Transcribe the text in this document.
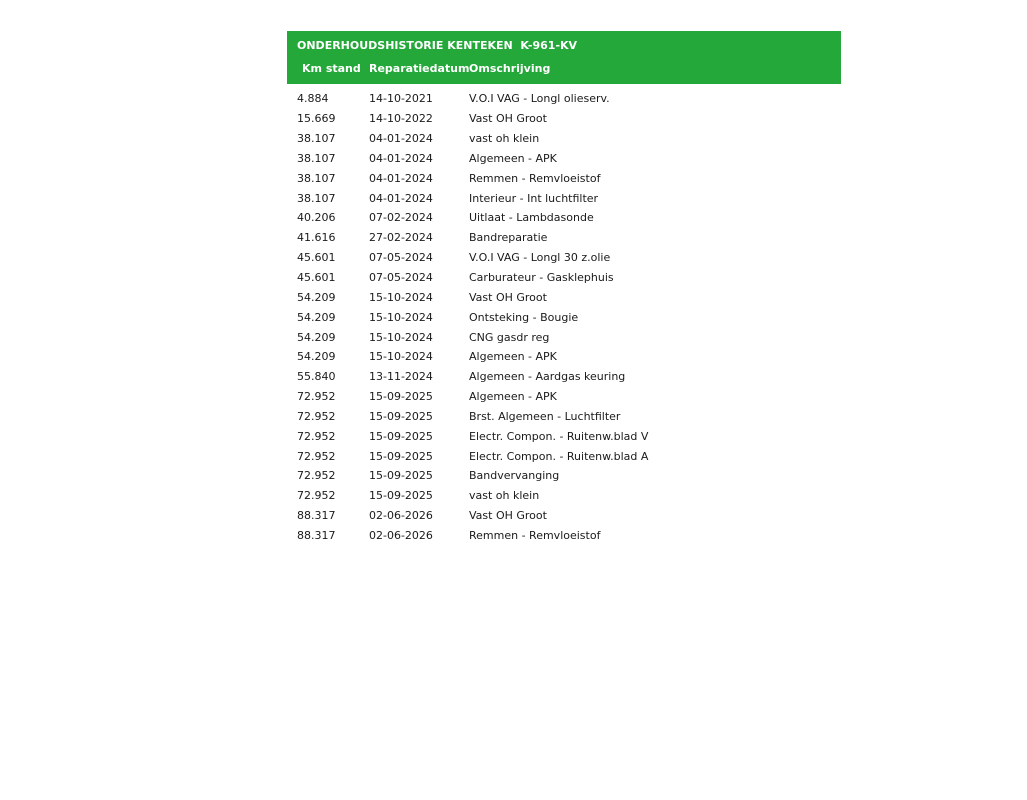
ONDERHOUDSHISTORIE KENTEKEN  K-961-KV
Km stand Reparatiedatum Omschrijving
4.884	14-10-2021	V.O.I VAG - Longl olieserv.
15.669	14-10-2022	Vast OH Groot
38.107	04-01-2024	vast oh klein
38.107	04-01-2024	Algemeen - APK
38.107	04-01-2024	Remmen - Remvloeistof
38.107	04-01-2024	Interieur - Int luchtfilter
40.206	07-02-2024	Uitlaat - Lambdasonde
41.616	27-02-2024	Bandreparatie
45.601	07-05-2024	V.O.I VAG - Longl 30 z.olie
45.601	07-05-2024	Carburateur - Gasklephuis
54.209	15-10-2024	Vast OH Groot
54.209	15-10-2024	Ontsteking - Bougie
54.209	15-10-2024	CNG gasdr reg
54.209	15-10-2024	Algemeen - APK
55.840	13-11-2024	Algemeen - Aardgas keuring
72.952	15-09-2025	Algemeen - APK
72.952	15-09-2025	Brst. Algemeen - Luchtfilter
72.952	15-09-2025	Electr. Compon. - Ruitenw.blad V
72.952	15-09-2025	Electr. Compon. - Ruitenw.blad A
72.952	15-09-2025	Bandvervanging
72.952	15-09-2025	vast oh klein
88.317	02-06-2026	Vast OH Groot
88.317	02-06-2026	Remmen - Remvloeistof
